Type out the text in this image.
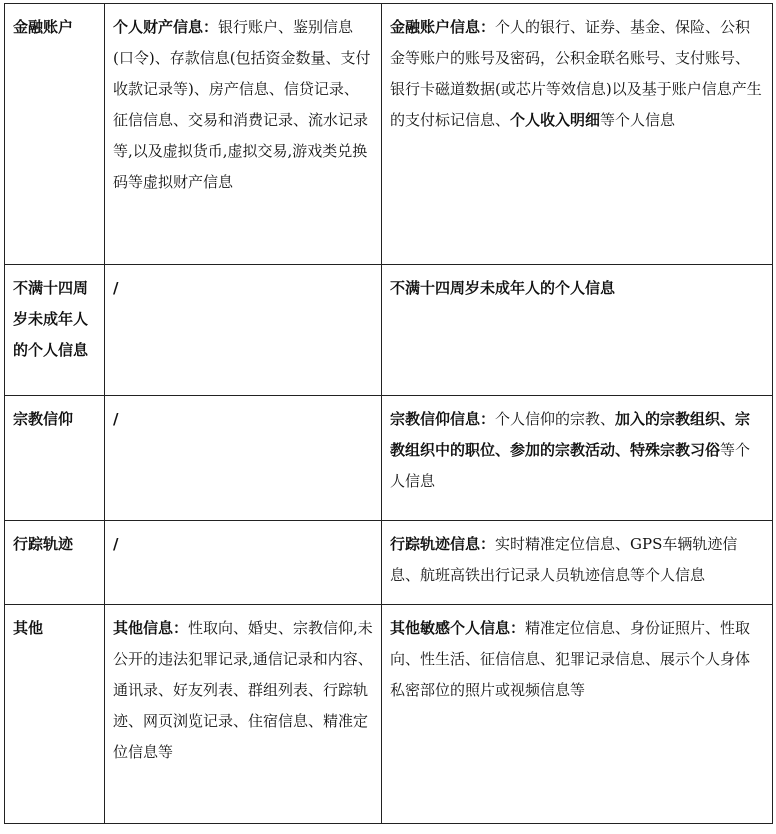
金融账户	个人财产信息：银行账户、鉴别信息(口令)、存款信息(包括资金数量、支付收款记录等)、房产信息、信贷记录、征信信息、交易和消费记录、流水记录等,以及虚拟货币,虚拟交易,游戏类兑换码等虚拟财产信息	金融账户信息：个人的银行、证券、基金、保险、公积金等账户的账号及密码，公积金联名账号、支付账号、银行卡磁道数据(或芯片等效信息)以及基于账户信息产生的支付标记信息、个人收入明细等个人信息
不满十四周岁未成年人的个人信息	/	不满十四周岁未成年人的个人信息
宗教信仰	/	宗教信仰信息：个人信仰的宗教、加入的宗教组织、宗教组织中的职位、参加的宗教活动、特殊宗教习俗等个人信息
行踪轨迹	/	行踪轨迹信息：实时精准定位信息、GPS车辆轨迹信息、航班高铁出行记录人员轨迹信息等个人信息
其他	其他信息：性取向、婚史、宗教信仰,未公开的违法犯罪记录,通信记录和内容、通讯录、好友列表、群组列表、行踪轨迹、网页浏览记录、住宿信息、精准定位信息等	其他敏感个人信息：精准定位信息、身份证照片、性取向、性生活、征信信息、犯罪记录信息、展示个人身体私密部位的照片或视频信息等
